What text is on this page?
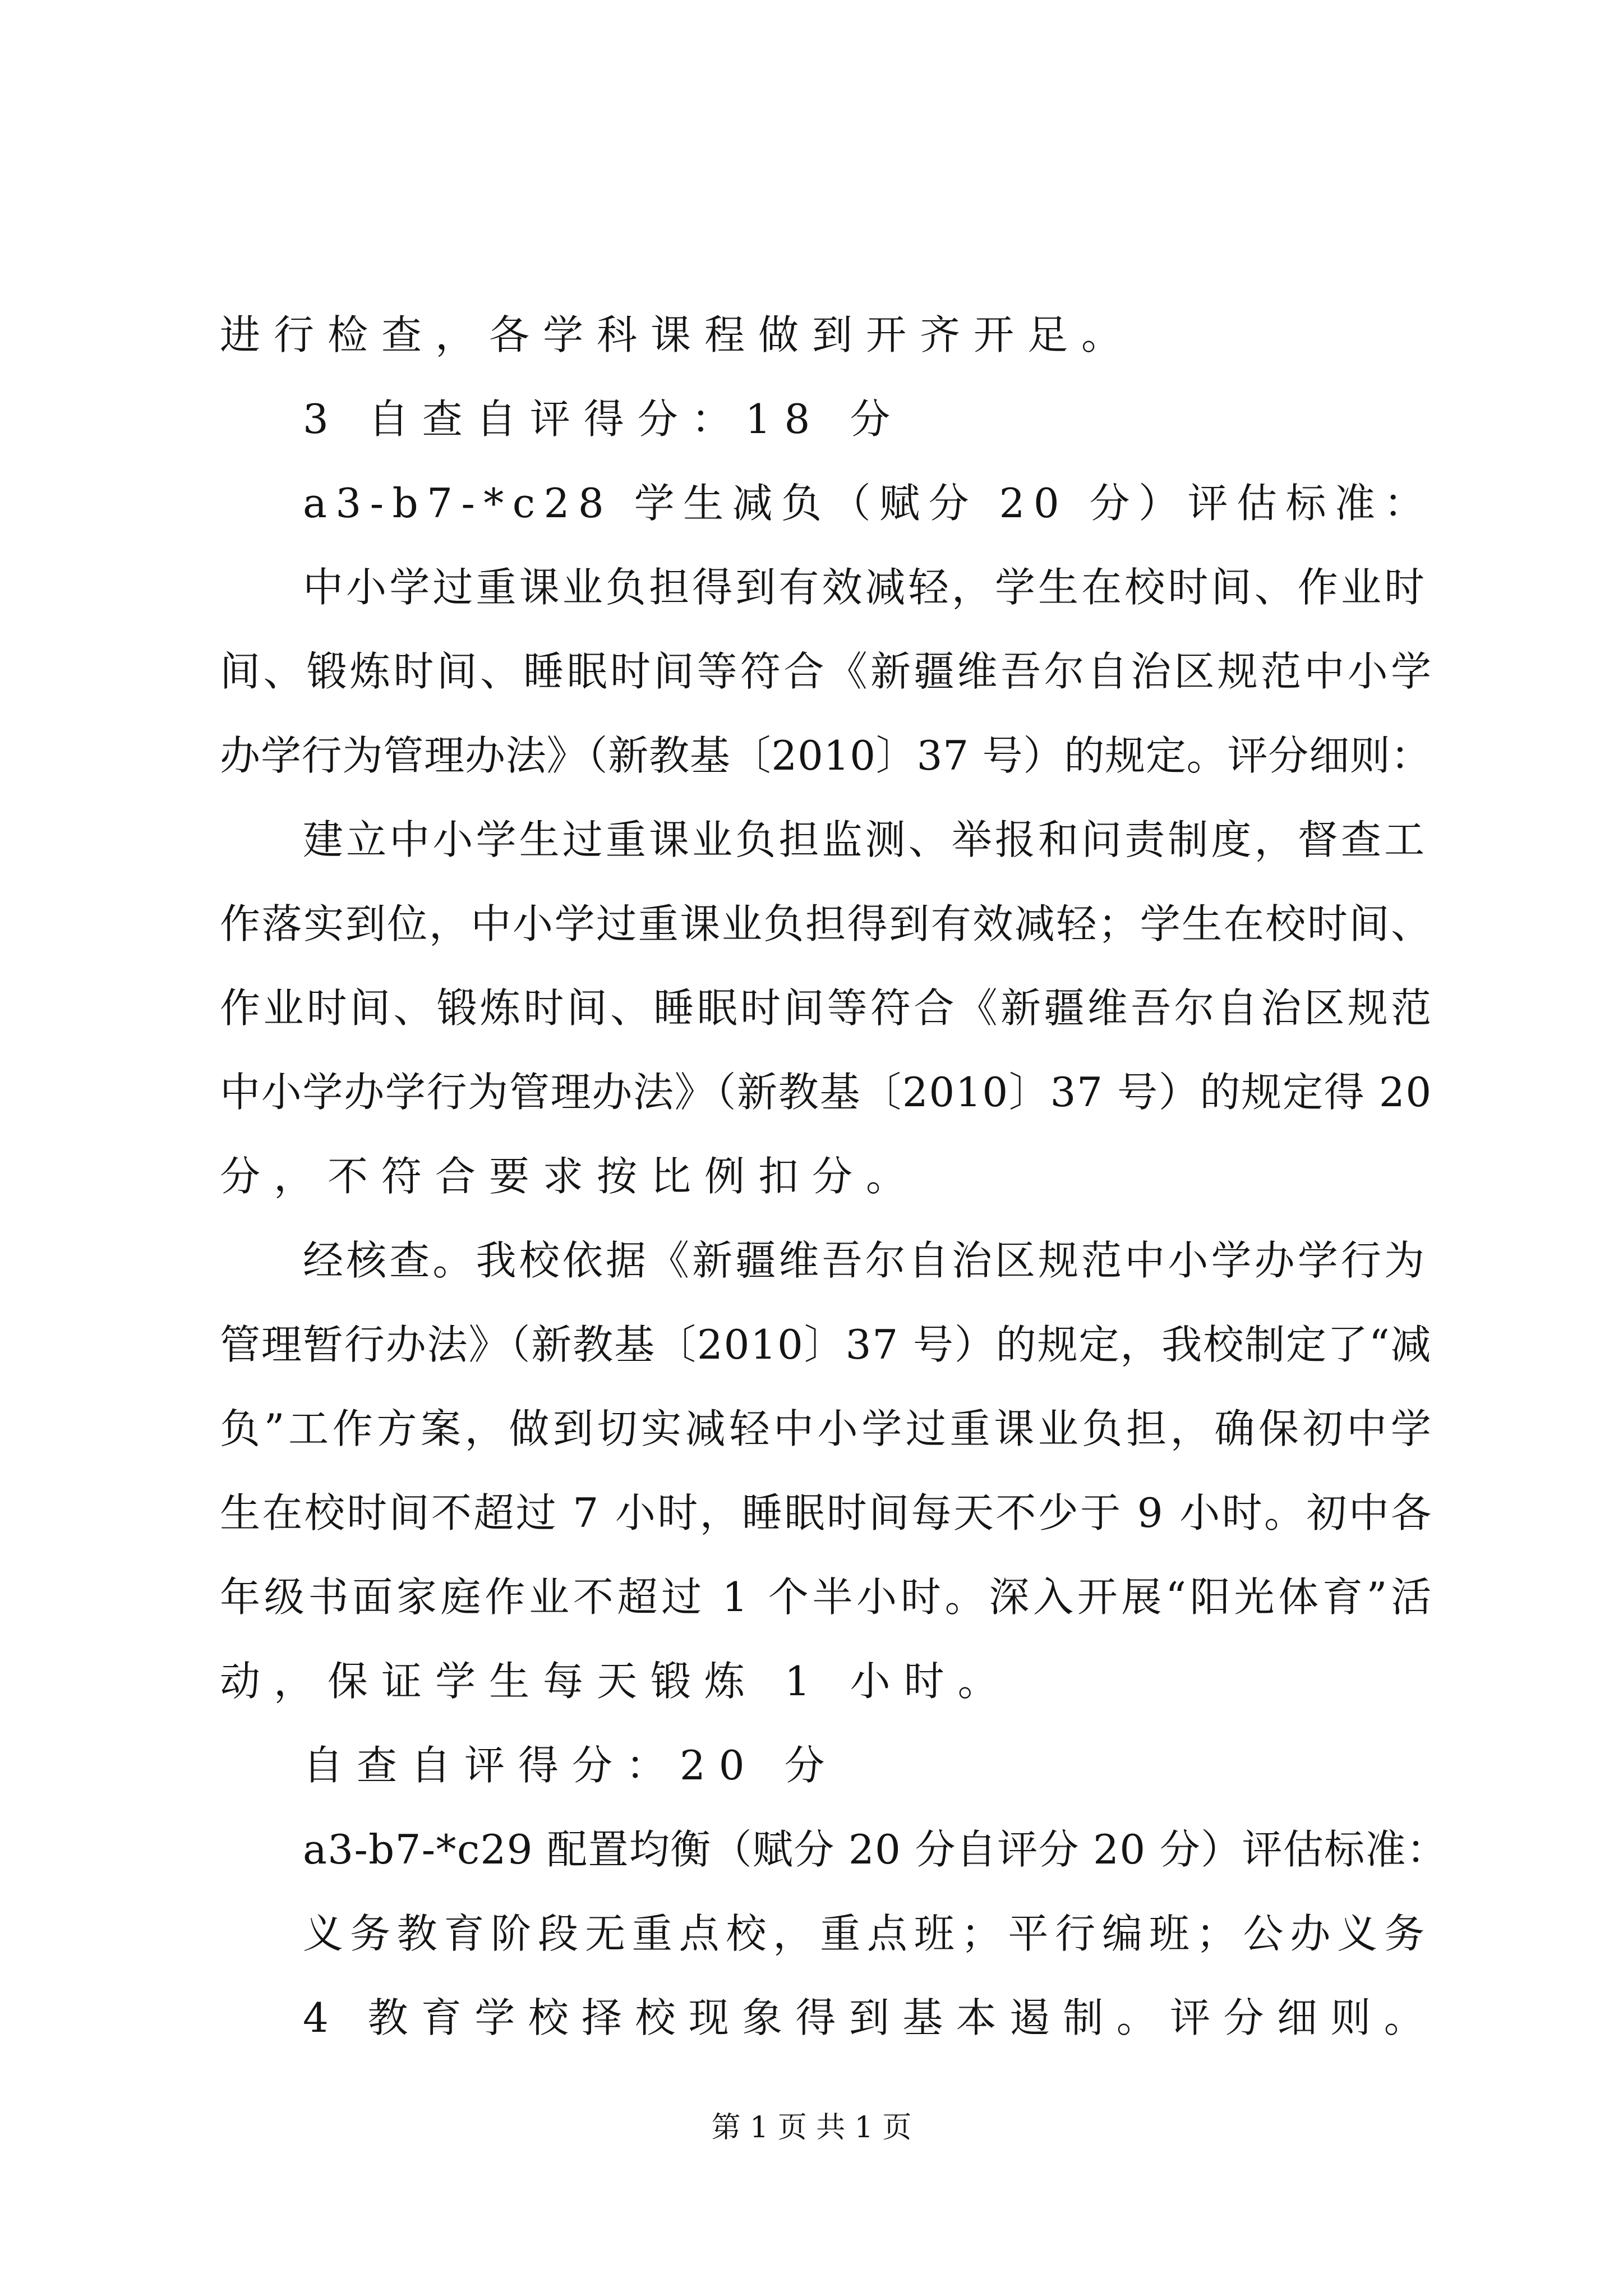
进行检查，各学科课程做到开齐开足。
3 自查自评得分：18 分
a3-b7-*c28 学生减负（赋分 20 分）评估标准：
中小学过重课业负担得到有效减轻，学生在校时间、作业时
间、锻炼时间、睡眠时间等符合《新疆维吾尔自治区规范中小学
办学行为管理办法》（新教基〔2010〕37 号）的规定。评分细则：
建立中小学生过重课业负担监测、举报和问责制度，督查工
作落实到位，中小学过重课业负担得到有效减轻；学生在校时间、
作业时间、锻炼时间、睡眠时间等符合《新疆维吾尔自治区规范
中小学办学行为管理办法》（新教基〔2010〕37 号）的规定得 20
分，不符合要求按比例扣分。
经核查。我校依据《新疆维吾尔自治区规范中小学办学行为
管理暂行办法》（新教基〔2010〕37 号）的规定，我校制定了“减
负”工作方案，做到切实减轻中小学过重课业负担，确保初中学
生在校时间不超过 7 小时，睡眠时间每天不少于 9 小时。初中各
年级书面家庭作业不超过 1 个半小时。深入开展“阳光体育”活
动，保证学生每天锻炼 1 小时。
自查自评得分：20 分
a3-b7-*c29 配置均衡（赋分 20 分自评分 20 分）评估标准：
义务教育阶段无重点校，重点班；平行编班；公办义务
4 教育学校择校现象得到基本遏制。评分细则。
第 1 页 共 1 页
